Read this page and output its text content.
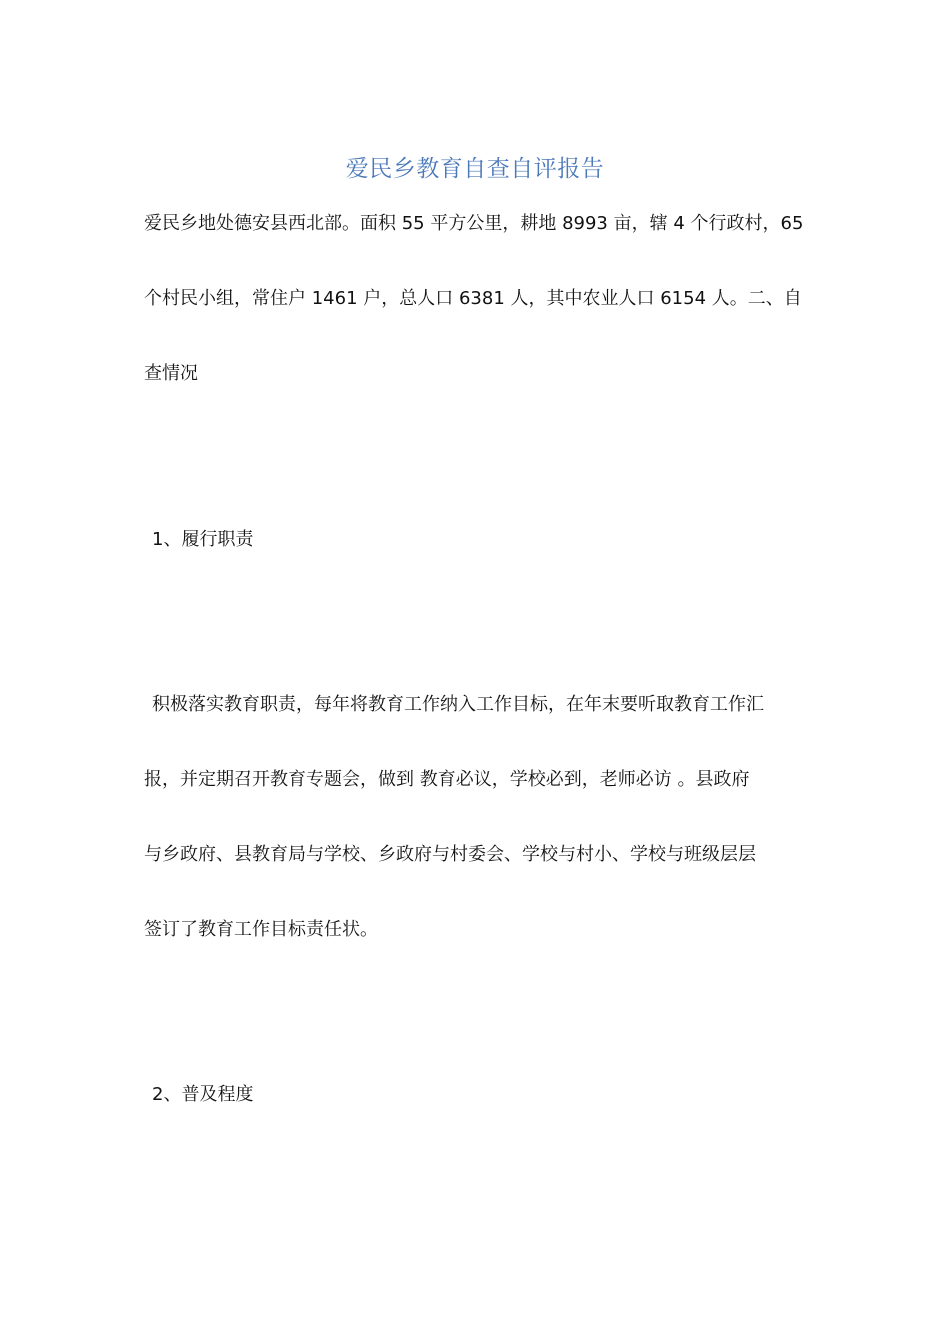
爱民乡教育自查自评报告
爱民乡地处德安县西北部。面积 55 平方公里，耕地 8993 亩，辖 4 个行政村，65
个村民小组，常住户 1461 户，总人口 6381 人，其中农业人口 6154 人。二、自
查情况
1、履行职责
积极落实教育职责，每年将教育工作纳入工作目标，在年末要听取教育工作汇
报，并定期召开教育专题会，做到 教育必议，学校必到，老师必访 。县政府
与乡政府、县教育局与学校、乡政府与村委会、学校与村小、学校与班级层层
签订了教育工作目标责任状。
2、普及程度
